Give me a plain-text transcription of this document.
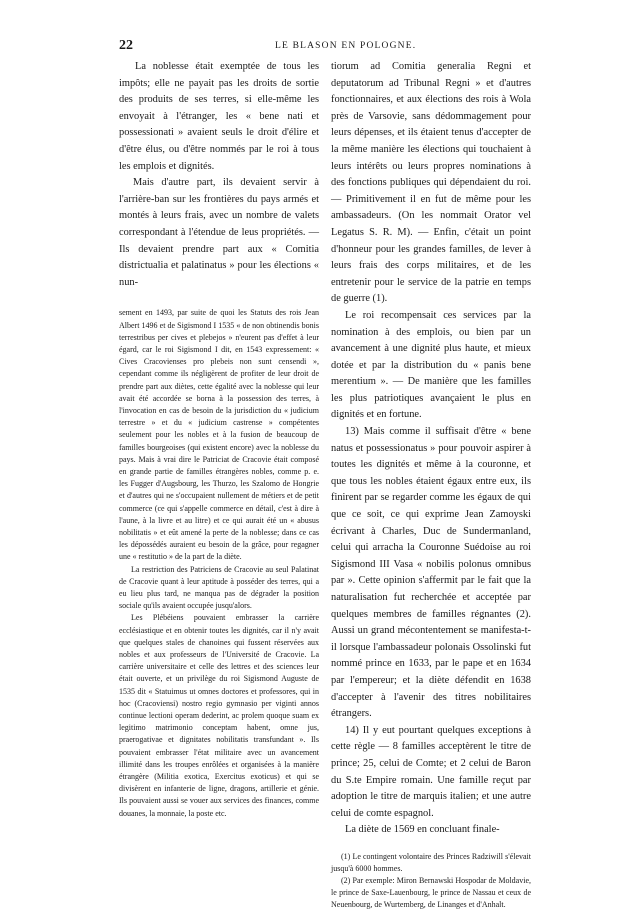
22	LE BLASON EN POLOGNE.

La noblesse était exemptée de tous les impôts; elle ne payait pas les droits de sortie des produits de ses terres, si elle-même les envoyait à l'étranger, les « bene nati et possessionati » avaient seuls le droit d'élire et d'être élus, ou d'être nommés par le roi à tous les emplois et dignités.

Mais d'autre part, ils devaient servir à l'arrière-ban sur les frontières du pays armés et montés à leurs frais, avec un nombre de valets correspondant à l'étendue de leus propriétés. — Ils devaient prendre part aux « Comitia districtualia et palatinatus » pour les élections « nun-

sement en 1493, par suite de quoi les Statuts des rois Jean Albert 1496 et de Sigismond I 1535 « de non obtinendis bonis terrestribus per cives et plebejos » n'eurent pas d'effet à leur égard, car le roi Sigismond I dit, en 1543 expressement: « Cives Cracovienses pro plebeis non sunt censendi », cependant comme ils négligèrent de profiter de leur droit de prendre part aux diètes, cette égalité avec la noblesse qui leur avait été accordée se borna à la possession des terres, à l'invocation en cas de besoin de la jurisdiction du « judicium terrestre » et du « judicium castrense » compétentes seulement pour les nobles et à la fusion de beaucoup de familles bourgeoises (qui existent encore) avec la noblesse du pays. Mais à vrai dire le Patriciat de Cracovie était composé en grande partie de familles étrangères nobles, comme p. e. les Fugger d'Augsbourg, les Thurzo, les Szalomo de Hongrie et d'autres qui ne s'occupaient nullement de métiers et de petit commerce (ce qui s'appelle commerce en détail, c'est à dire à l'aune, à la livre et au litre) et ce qui aurait été un « abusus nobilitatis » et eût amené la perte de la noblesse; dans ce cas les dépossédés auraient eu besoin de la grâce, pour regagner une « restitutio » de la part de la diète.

La restriction des Patriciens de Cracovie au seul Palatinat de Cracovie quant à leur aptitude à posséder des terres, qui a eu lieu plus tard, ne manqua pas de dégrader la position sociale qu'ils avaient occupée jusqu'alors.

Les Plébéiens pouvaient embrasser la carrière ecclésiastique et en obtenir toutes les dignités, car il n'y avait que quelques stales de chanoines qui fussent réservées aux nobles et aux professeurs de l'Université de Cracovie. La carrière universitaire et celle des lettres et des sciences leur était ouverte, et un privilège du roi Sigismond Auguste de 1535 dit « Statuimus ut omnes doctores et professores, qui in hoc (Cracoviensi) nostro regio gymnasio per viginti annos continue lectioni operam dederint, ac prolem quoque suam ex legitimo matrimonio conceptam habent, omne jus, praerogativae et dignitates nobilitatis transfundant ». Ils pouvaient embrasser l'état militaire avec un avancement illimité dans les troupes enrôlées et organisées à la manière étrangère (Militia exotica, Exercitus exoticus) et qui se divisèrent en infanterie de ligne, dragons, artillerie et génie. Ils pouvaient aussi se vouer aux services des finances, comme douanes, la monnaie, la poste etc.

tiorum ad Comitia generalia Regni et deputatorum ad Tribunal Regni » et d'autres fonctionnaires, et aux élections des rois à Wola près de Varsovie, sans dédommagement pour leurs dépenses, et ils étaient tenus d'accepter de la même manière les élections qui touchaient à leurs intérêts ou leurs propres nominations à des fonctions publiques qui dépendaient du roi. — Primitivement il en fut de même pour les ambassadeurs. (On les nommait Orator vel Legatus S. R. M). — Enfin, c'était un point d'honneur pour les grandes familles, de lever à leurs frais des corps militaires, et de les entretenir pour le service de la patrie en temps de guerre (1).

Le roi recompensait ces services par la nomination à des emplois, ou bien par un avancement à une dignité plus haute, et mieux dotée et par la distribution du « panis bene merentium ». — De manière que les familles les plus patriotiques avançaient le plus en dignités et en fortune.

13) Mais comme il suffisait d'être « bene natus et possessionatus » pour pouvoir aspirer à toutes les dignités et même à la couronne, et que tous les nobles étaient égaux entre eux, ils finirent par se regarder comme les égaux de qui que ce soit, ce qui exprime Jean Zamoyski écrivant à Charles, Duc de Sundermanland, celui qui arracha la Couronne Suédoise au roi Sigismond III Vasa « nobilis polonus omnibus par ». Cette opinion s'affermit par le fait que la naturalisation fut recherchée et acceptée par quelques membres de familles régnantes (2). Aussi un grand mécontentement se manifesta-t-il lorsque l'ambassadeur polonais Ossolinski fut nommé prince en 1633, par le pape et en 1634 par l'empereur; et la diète défendit en 1638 d'accepter à l'avenir des titres nobilitaires étrangers.

14) Il y eut pourtant quelques exceptions à cette règle — 8 familles acceptèrent le titre de prince; 25, celui de Comte; et 2 celui de Baron du S.te Empire romain. Une famille reçut par adoption le titre de marquis italien; et une autre celui de comte espagnol.

La diète de 1569 en concluant finale-

(1) Le contingent volontaire des Princes Radziwill s'élevait jusqu'à 6000 hommes.

(2) Par exemple: Miron Bernawski Hospodar de Moldavie, le prince de Saxe-Lauenbourg, le prince de Nassau et ceux de Neuenbourg, de Wurtemberg, de Linanges et d'Anhalt.
